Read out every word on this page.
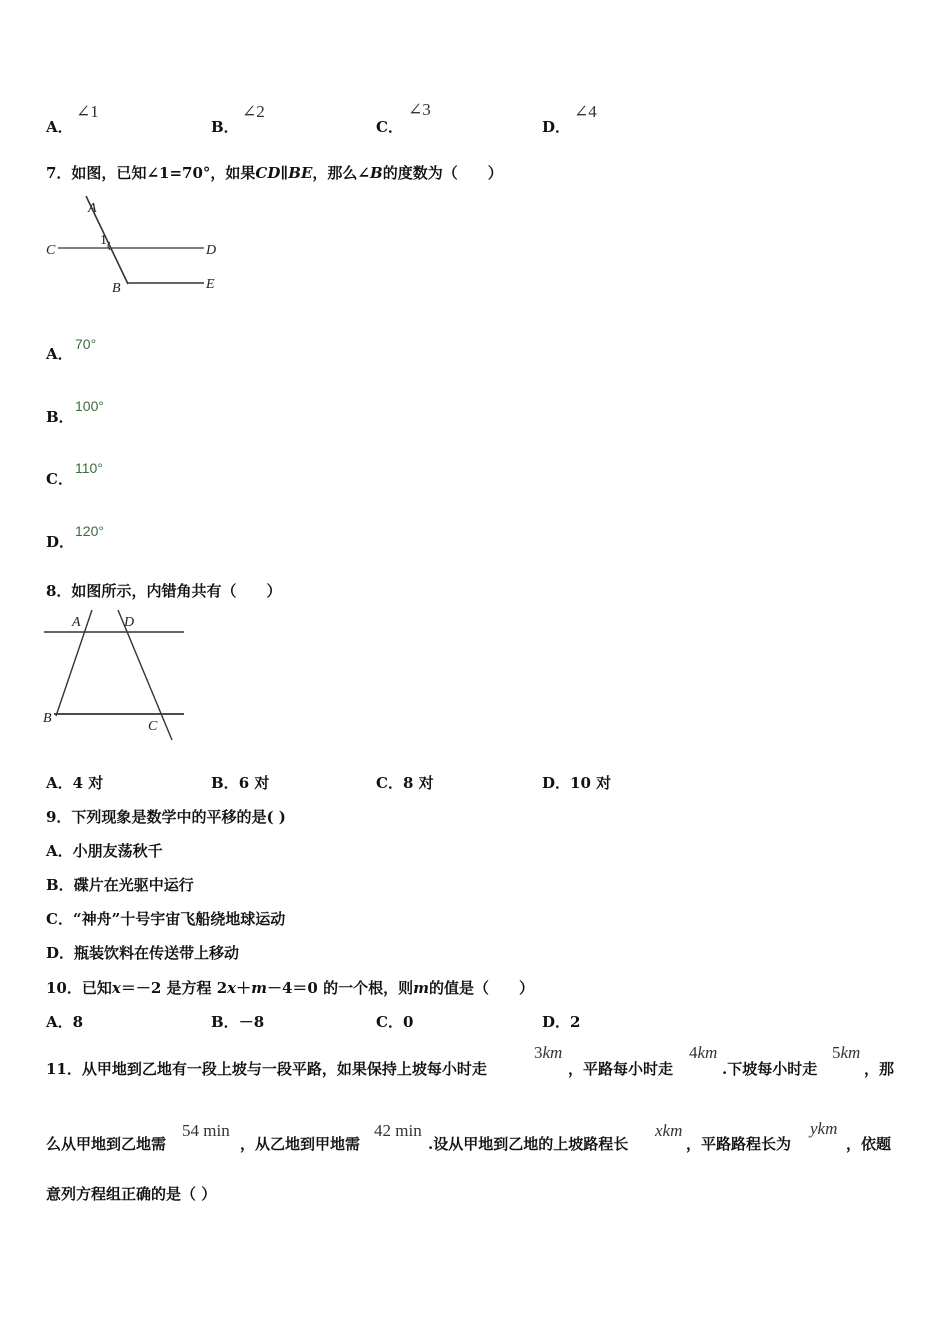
A．
∠1
B．
∠2
C．
∠3
D．
∠4
7．如图，已知∠1=70°，如果CD∥BE，那么∠B的度数为（　　）
A
C
1
D
B	E
A．
70°
B．
100°
C．
110°
D．
120°
8．如图所示，内错角共有（　　）
A	D
B
C
A．4 对	B．6 对	C．8 对	D．10 对
9．下列现象是数学中的平移的是( )
A．小朋友荡秋千
B．碟片在光驱中运行
C．“神舟”十号宇宙飞船绕地球运动
D．瓶装饮料在传送带上移动
10．已知x＝－2 是方程 2x＋m－4＝0 的一个根，则m的值是（　　）
A．8	B．－8	C．0	D．2
11．从甲地到乙地有一段上坡与一段平路，如果保持上坡每小时走
3km
，平路每小时走
4km
.下坡每小时走
5km
，那
么从甲地到乙地需
54 min
，从乙地到甲地需
42 min
.设从甲地到乙地的上坡路程长
xkm
，平路路程长为
ykm
，依题
意列方程组正确的是（ ）
